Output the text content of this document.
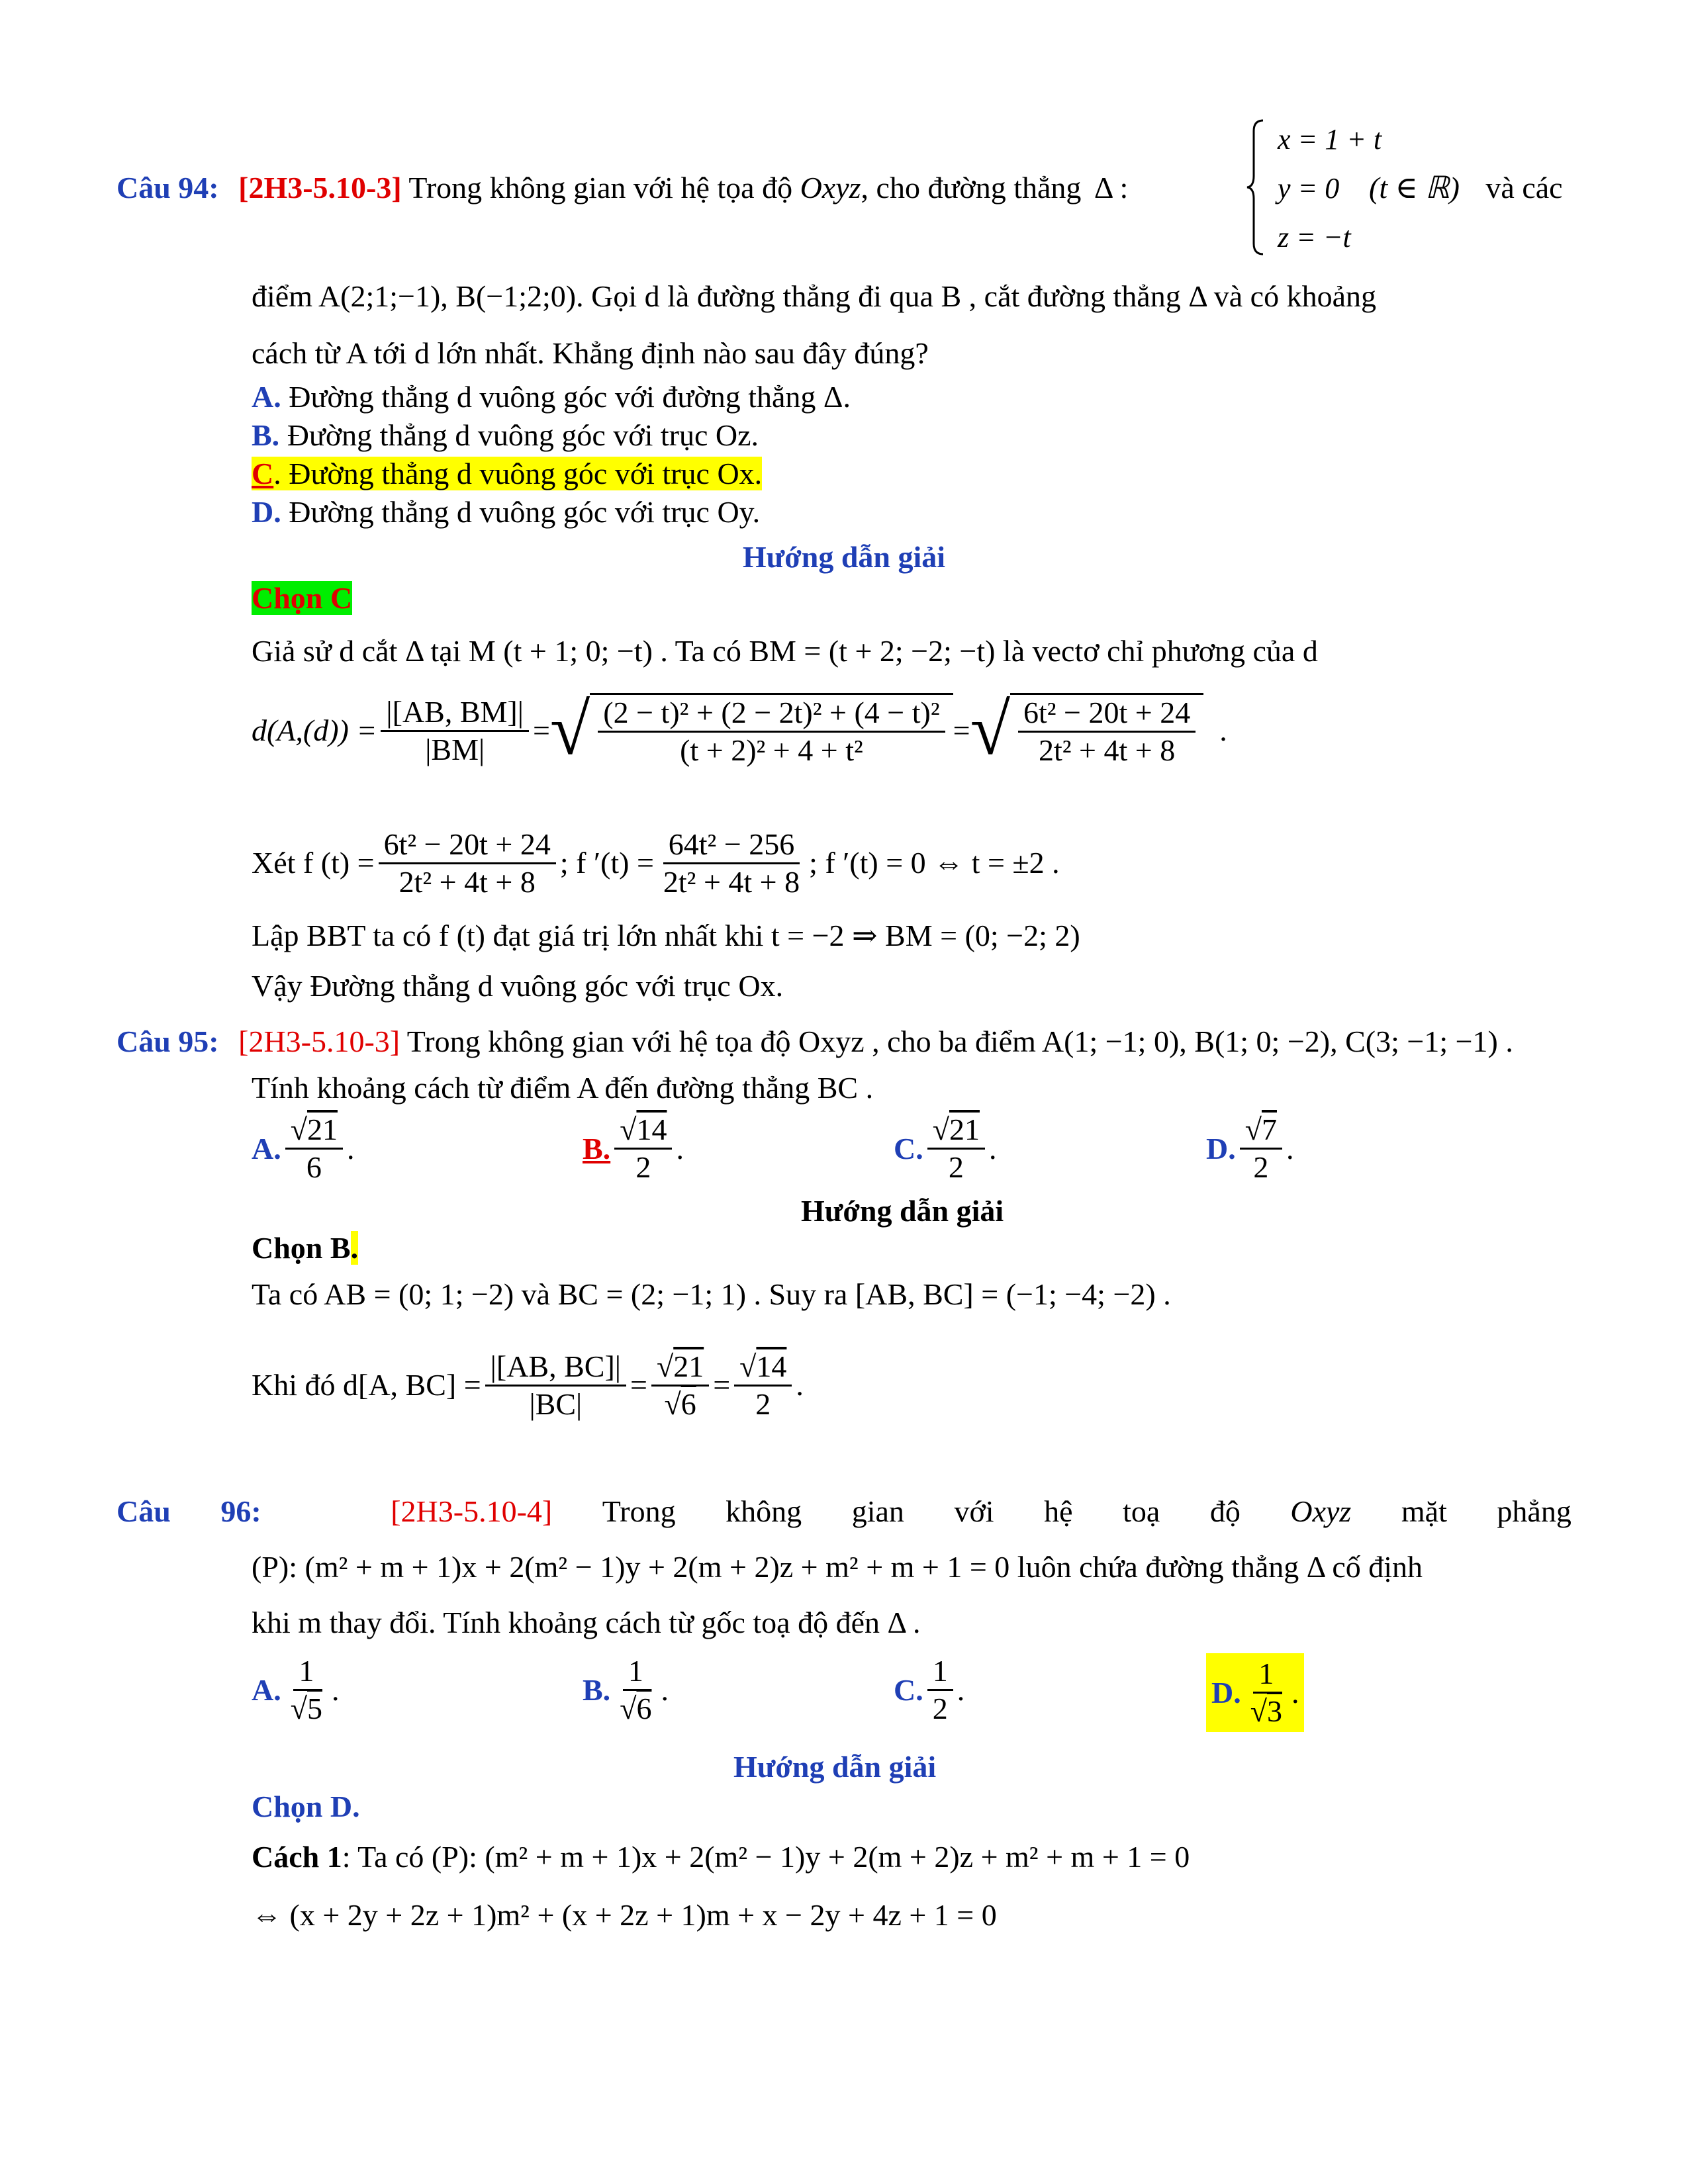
Câu 94: [2H3-5.10-3] Trong không gian với hệ tọa độ Oxyz, cho đường thẳng Δ :
x = 1 + t
y = 0
z = −t
(t ∈ ℝ) và các
điểm A(2;1;−1), B(−1;2;0). Gọi d là đường thẳng đi qua B , cắt đường thẳng Δ và có khoảng
cách từ A tới d lớn nhất. Khẳng định nào sau đây đúng?
A. Đường thẳng d vuông góc với đường thẳng Δ.
B. Đường thẳng d vuông góc với trục Oz.
C. Đường thẳng d vuông góc với trục Ox.
D. Đường thẳng d vuông góc với trục Oy.
Hướng dẫn giải
Chọn C
Giả sử d cắt Δ tại M (t + 1; 0; −t) . Ta có BM = (t + 2; −2; −t) là vectơ chỉ phương của d
$d(A,(d)) = \frac{|[AB, BM]|}{|BM|}$ = √ $\frac{\text{(2 − t)² + (2 − 2t)² + (4 − t)²}}{\text{(t + 2)² + 4 + t²}}$ = √ $\frac{\text{6t² − 20t + 24}}{\text{2t² + 4t + 8}}$ .
Xét f $(t) = \frac{\text{6t² − 20t + 24}}{\text{2t² + 4t + 8}}$ ; f $'(t) = \frac{\text{64t² − 256}}{\text{2t² + 4t + 8}}$ ; f ′(t) = 0 ⇔ t = ±2 .
Lập BBT ta có f (t) đạt giá trị lớn nhất khi t = −2 ⇒ BM = (0; −2; 2)
Vậy Đường thẳng d vuông góc với trục Ox.
Câu 95: [2H3-5.10-3] Trong không gian với hệ tọa độ Oxyz , cho ba điểm A(1; −1; 0), B(1; 0; −2), C(3; −1; −1) .
Tính khoảng cách từ điểm A đến đường thẳng BC .
A. $\frac{√21}{6}$ .	B. $\frac{√14}{2}$ .	C. $\frac{√21}{2}$ .	D. $\frac{√7}{2}$ .
Hướng dẫn giải
Chọn B.
Ta có AB = (0; 1; −2) và BC = (2; −1; 1) . Suy ra [AB, BC] = (−1; −4; −2) .
Khi đó d[A, $BC] = \frac{|[AB, BC]|}{|BC|} = \frac{√21}{√6} = \frac{√14}{2}$ .
Câu 96:	[2H3-5.10-4] Trong không gian với hệ toạ độ Oxyz mặt phẳng
(P): (m² + m + 1)x + 2(m² − 1)y + 2(m + 2)z + m² + m + 1 = 0 luôn chứa đường thẳng Δ cố định
khi m thay đổi. Tính khoảng cách từ gốc toạ độ đến Δ .
A. $\frac{1}{√5}$ .	B. $\frac{1}{√6}$ .	C. $\frac{1}{2}$ .	D. $\frac{1}{√3}$ .
Hướng dẫn giải
Chọn D.
Cách 1: Ta có (P): (m² + m + 1)x + 2(m² − 1)y + 2(m + 2)z + m² + m + 1 = 0
⇔ (x + 2y + 2z + 1)m² + (x + 2z + 1)m + x − 2y + 4z + 1 = 0
